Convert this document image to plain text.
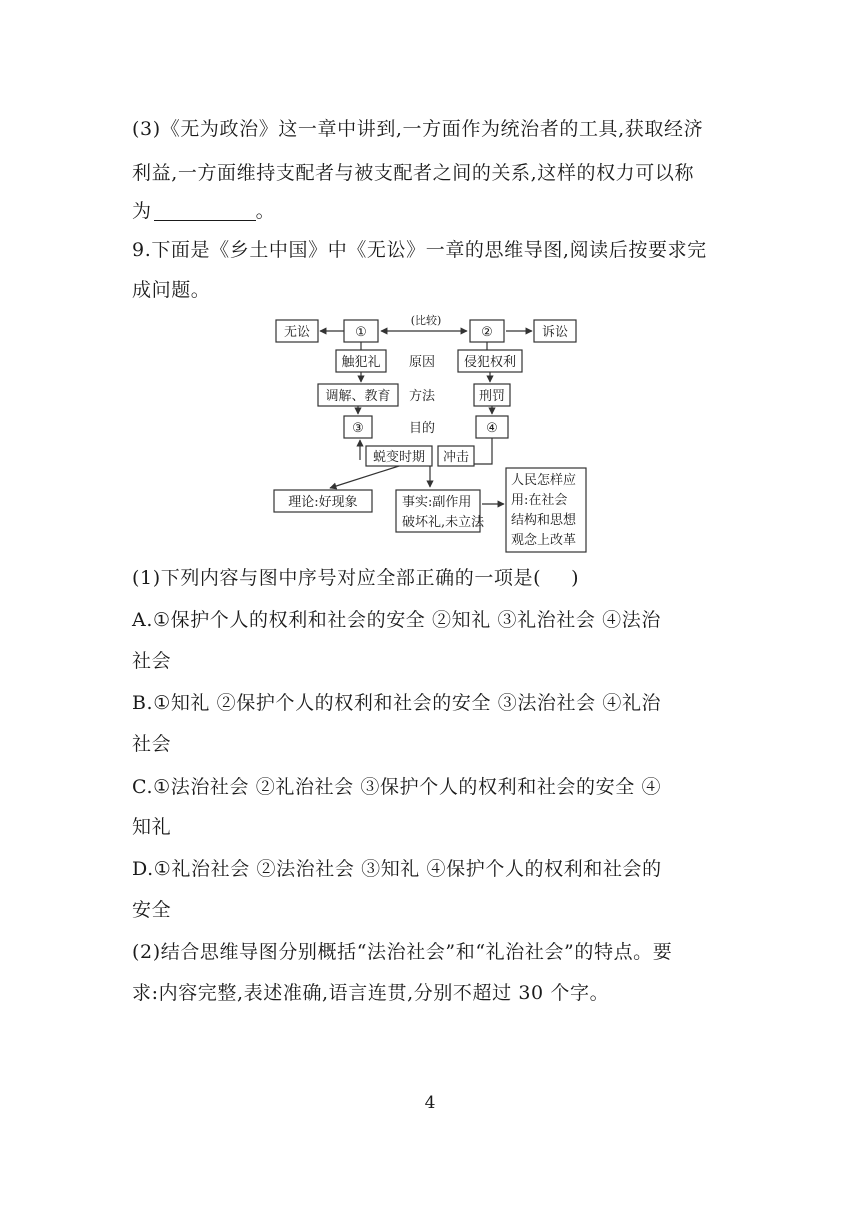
(3)《无为政治》这一章中讲到,一方面作为统治者的工具,获取经济
利益,一方面维持支配者与被支配者之间的关系,这样的权力可以称
为	。
9.下面是《乡土中国》中《无讼》一章的思维导图,阅读后按要求完
成问题。
无讼	①
(比较)
②	诉讼
触犯礼 原因 侵犯权利
调解、教育 方法	刑罚
③	目的	④
冲击
蜕变时期
理论:好现象	事实:副作用
破坏礼,未立法
人民怎样应
用:在社会
结构和思想
观念上改革
(1)下列内容与图中序号对应全部正确的一项是( )
A.①保护个人的权利和社会的安全 ②知礼 ③礼治社会 ④法治
社会
B.①知礼 ②保护个人的权利和社会的安全 ③法治社会 ④礼治
社会
C.①法治社会 ②礼治社会 ③保护个人的权利和社会的安全 ④
知礼
D.①礼治社会 ②法治社会 ③知礼 ④保护个人的权利和社会的
安全
(2)结合思维导图分别概括“法治社会”和“礼治社会”的特点。要
求:内容完整,表述准确,语言连贯,分别不超过 30 个字。
4
